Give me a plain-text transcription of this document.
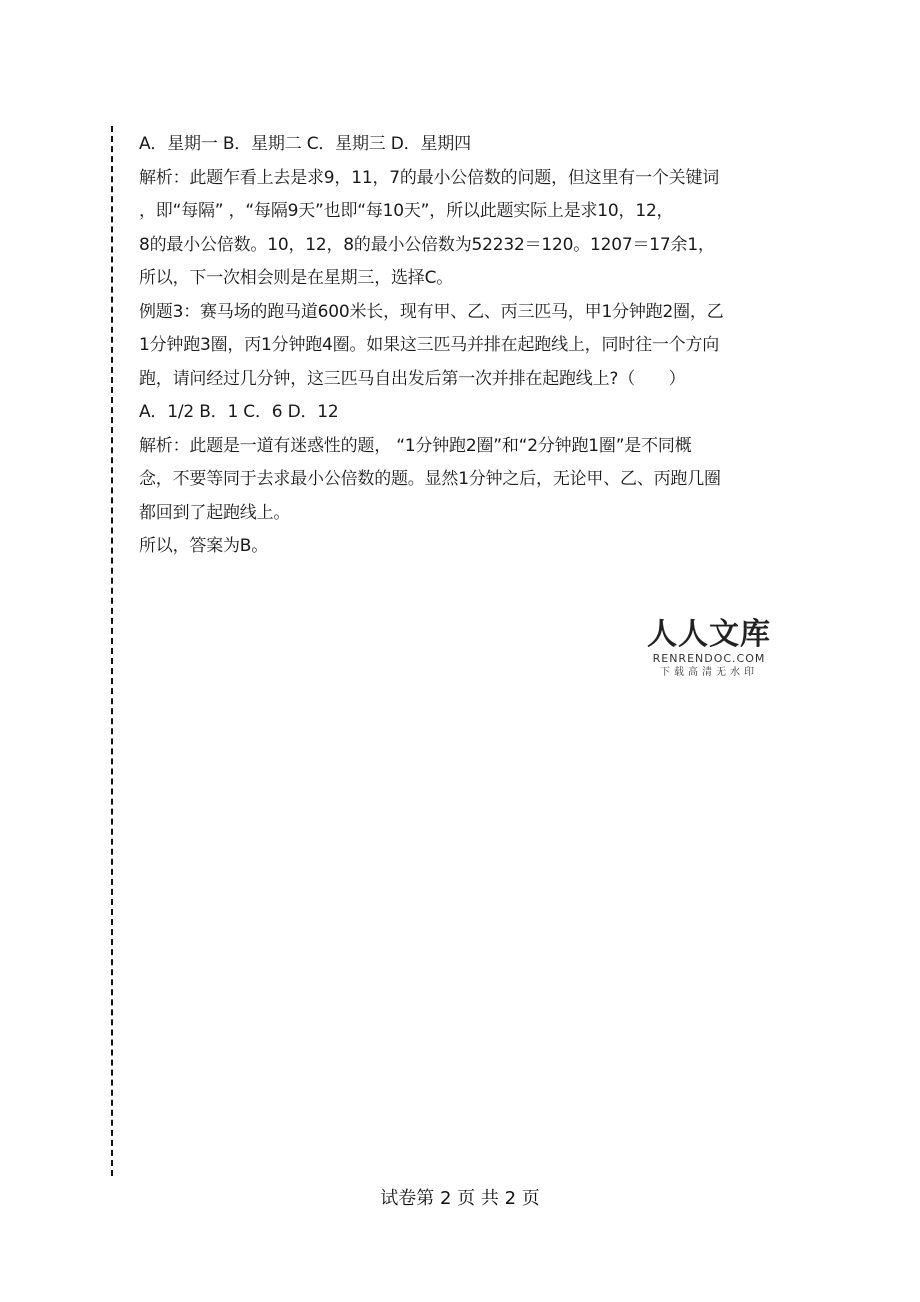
A．星期一 B．星期二 C．星期三 D．星期四
解析：此题乍看上去是求9，11，7的最小公倍数的问题，但这里有一个关键词
，即“每隔” ，“每隔9天”也即“每10天”，所以此题实际上是求10，12，
8的最小公倍数。10，12，8的最小公倍数为52232＝120。1207＝17余1，
所以，下一次相会则是在星期三，选择C。
例题3：赛马场的跑马道600米长，现有甲、乙、丙三匹马，甲1分钟跑2圈，乙
1分钟跑3圈，丙1分钟跑4圈。如果这三匹马并排在起跑线上，同时往一个方向
跑，请问经过几分钟，这三匹马自出发后第一次并排在起跑线上?（　　）
A．1/2 B．1 C．6 D．12
解析：此题是一道有迷惑性的题， “1分钟跑2圈”和“2分钟跑1圈”是不同概
念，不要等同于去求最小公倍数的题。显然1分钟之后，无论甲、乙、丙跑几圈
都回到了起跑线上。
所以，答案为B。
人人文库
RENRENDOC.COM
下载高清无水印
试卷第 2 页 共 2 页
